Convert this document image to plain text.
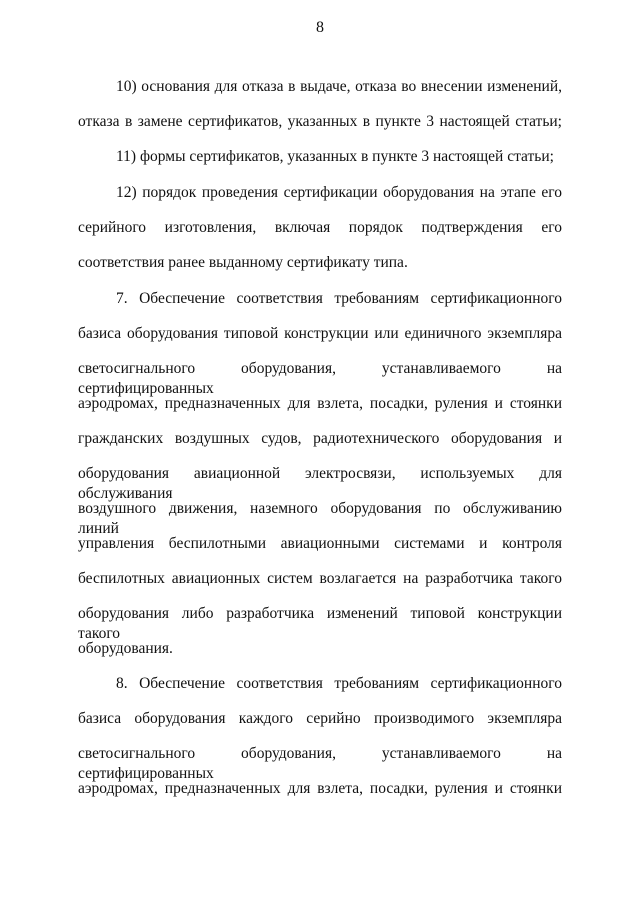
8
10) основания для отказа в выдаче, отказа во внесении изменений,
отказа в замене сертификатов, указанных в пункте 3 настоящей статьи;
11) формы сертификатов, указанных в пункте 3 настоящей статьи;
12) порядок проведения сертификации оборудования на этапе его
серийного изготовления, включая порядок подтверждения его
соответствия ранее выданному сертификату типа.
7. Обеспечение соответствия требованиям сертификационного
базиса оборудования типовой конструкции или единичного экземпляра
светосигнального оборудования, устанавливаемого на сертифицированных
аэродромах, предназначенных для взлета, посадки, руления и стоянки
гражданских воздушных судов, радиотехнического оборудования и
оборудования авиационной электросвязи, используемых для обслуживания
воздушного движения, наземного оборудования по обслуживанию линий
управления беспилотными авиационными системами и контроля
беспилотных авиационных систем возлагается на разработчика такого
оборудования либо разработчика изменений типовой конструкции такого
оборудования.
8. Обеспечение соответствия требованиям сертификационного
базиса оборудования каждого серийно производимого экземпляра
светосигнального оборудования, устанавливаемого на сертифицированных
аэродромах, предназначенных для взлета, посадки, руления и стоянки
